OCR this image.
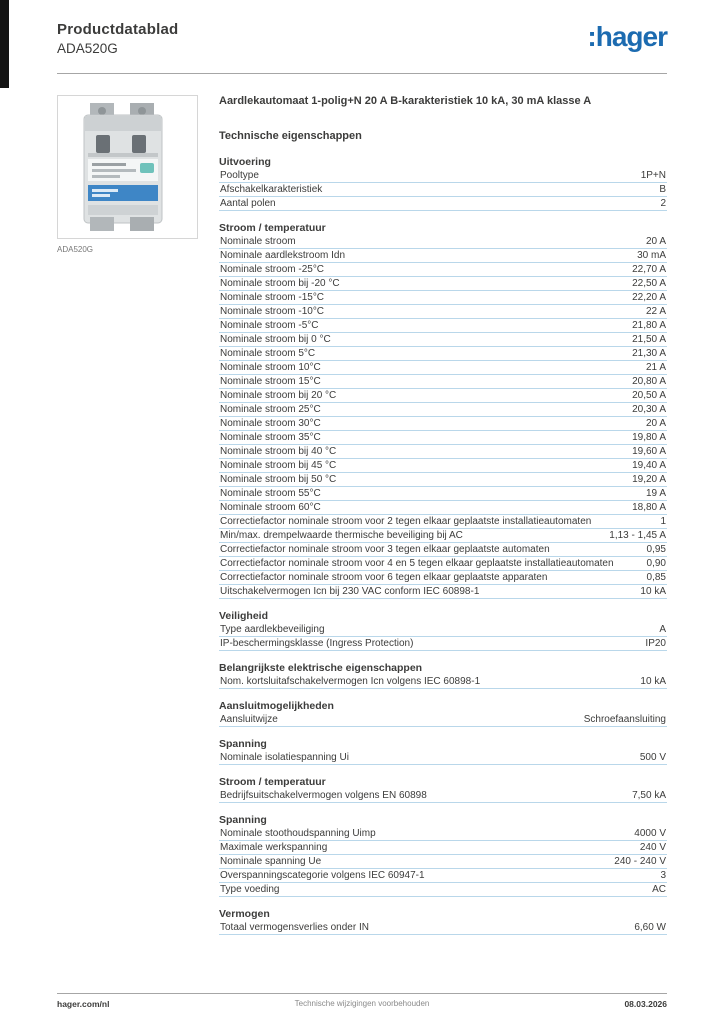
Productdatablad
ADA520G	:hager
ADA520G
Aardlekautomaat 1-polig+N 20 A B-karakteristiek 10 kA, 30 mA klasse A
Technische eigenschappen
Uitvoering
Pooltype	1P+N
Afschakelkarakteristiek	B
Aantal polen	2
Stroom / temperatuur
Nominale stroom	20 A
Nominale aardlekstroom Idn	30 mA
Nominale stroom -25°C	22,70 A
Nominale stroom bij -20 °C	22,50 A
Nominale stroom -15°C	22,20 A
Nominale stroom -10°C	22 A
Nominale stroom -5°C	21,80 A
Nominale stroom bij 0 °C	21,50 A
Nominale stroom 5°C	21,30 A
Nominale stroom 10°C	21 A
Nominale stroom 15°C	20,80 A
Nominale stroom bij 20 °C	20,50 A
Nominale stroom 25°C	20,30 A
Nominale stroom 30°C	20 A
Nominale stroom 35°C	19,80 A
Nominale stroom bij 40 °C	19,60 A
Nominale stroom bij 45 °C	19,40 A
Nominale stroom bij 50 °C	19,20 A
Nominale stroom 55°C	19 A
Nominale stroom 60°C	18,80 A
Correctiefactor nominale stroom voor 2 tegen elkaar geplaatste installatieautomaten	1
Min/max. drempelwaarde thermische beveiliging bij AC	1,13 - 1,45 A
Correctiefactor nominale stroom voor 3 tegen elkaar geplaatste automaten	0,95
Correctiefactor nominale stroom voor 4 en 5 tegen elkaar geplaatste installatieautomaten	0,90
Correctiefactor nominale stroom voor 6 tegen elkaar geplaatste apparaten	0,85
Uitschakelvermogen Icn bij 230 VAC conform IEC 60898-1	10 kA
Veiligheid
Type aardlekbeveiliging	A
IP-beschermingsklasse (Ingress Protection)	IP20
Belangrijkste elektrische eigenschappen
Nom. kortsluitafschakelvermogen Icn volgens IEC 60898-1	10 kA
Aansluitmogelijkheden
Aansluitwijze	Schroefaansluiting
Spanning
Nominale isolatiespanning Ui	500 V
Stroom / temperatuur
Bedrijfsuitschakelvermogen volgens EN 60898	7,50 kA
Spanning
Nominale stoothoudspanning Uimp	4000 V
Maximale werkspanning	240 V
Nominale spanning Ue	240 - 240 V
Overspanningscategorie volgens IEC 60947-1	3
Type voeding	AC
Vermogen
Totaal vermogensverlies onder IN	6,60 W
hager.com/nl	Technische wijzigingen voorbehouden	08.03.2026
